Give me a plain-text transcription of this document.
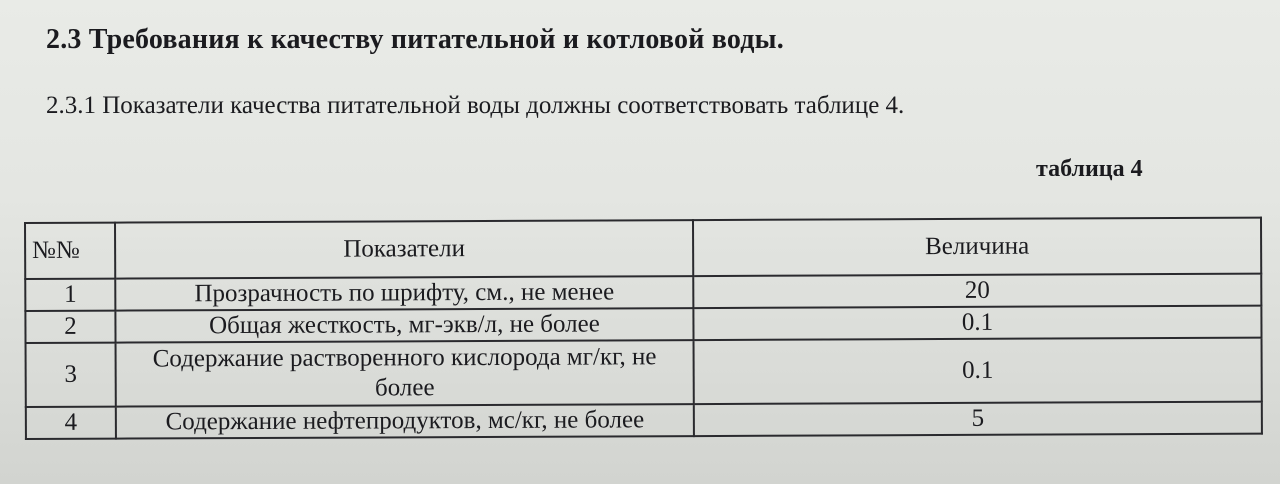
2.3 Требования к качеству питательной и котловой воды.
2.3.1 Показатели качества питательной воды должны соответствовать таблице 4.
таблица 4
№№	Показатели	Величина
1	Прозрачность по шрифту, см., не менее	20
2	Общая жесткость, мг-экв/л, не более	0.1
3	Содержание растворенного кислорода мг/кг, не более	0.1
4	Содержание нефтепродуктов, мс/кг, не более	5
